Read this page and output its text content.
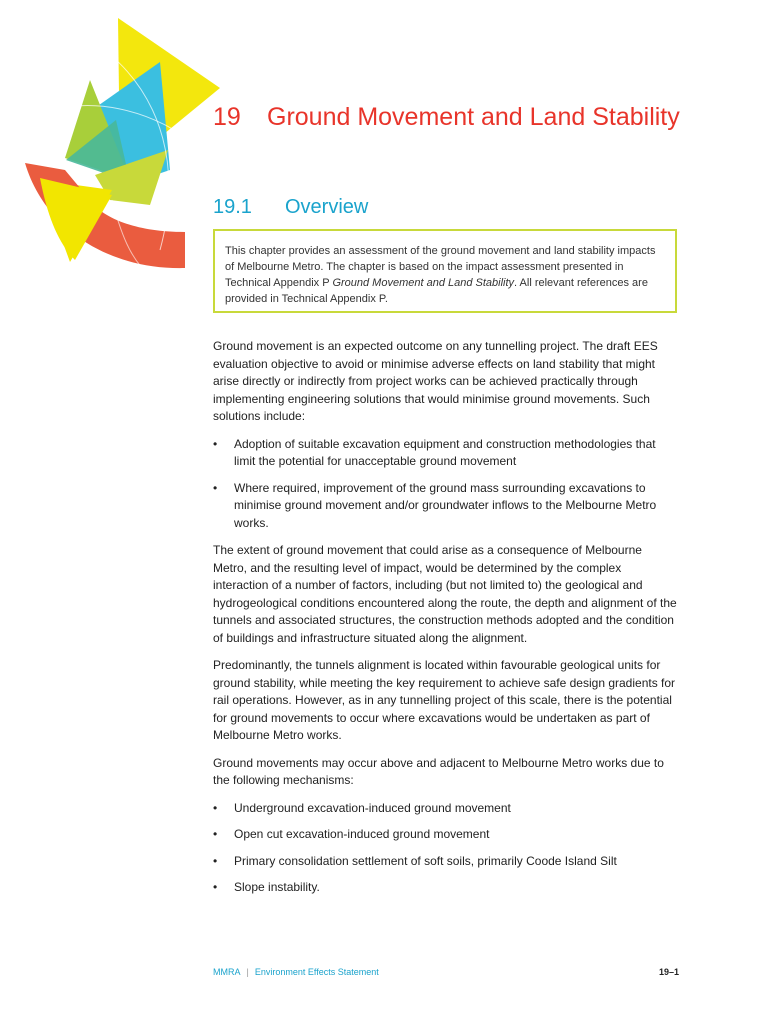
19	Ground Movement and Land Stability
19.1 Overview
This chapter provides an assessment of the ground movement and land stability impacts of Melbourne Metro. The chapter is based on the impact assessment presented in Technical Appendix P Ground Movement and Land Stability. All relevant references are provided in Technical Appendix P.

Ground movement is an expected outcome on any tunnelling project. The draft EES evaluation objective to avoid or minimise adverse effects on land stability that might arise directly or indirectly from project works can be achieved practically through implementing engineering solutions that would minimise ground movements. Such solutions include:

• Adoption of suitable excavation equipment and construction methodologies that limit the potential for unacceptable ground movement
• Where required, improvement of the ground mass surrounding excavations to minimise ground movement and/or groundwater inflows to the Melbourne Metro works.

The extent of ground movement that could arise as a consequence of Melbourne Metro, and the resulting level of impact, would be determined by the complex interaction of a number of factors, including (but not limited to) the geological and hydrogeological conditions encountered along the route, the depth and alignment of the tunnels and associated structures, the construction methods adopted and the condition of buildings and infrastructure situated along the alignment.

Predominantly, the tunnels alignment is located within favourable geological units for ground stability, while meeting the key requirement to achieve safe design gradients for rail operations. However, as in any tunnelling project of this scale, there is the potential for ground movements to occur where excavations would be undertaken as part of Melbourne Metro works.

Ground movements may occur above and adjacent to Melbourne Metro works due to the following mechanisms:

• Underground excavation-induced ground movement
• Open cut excavation-induced ground movement
• Primary consolidation settlement of soft soils, primarily Coode Island Silt
• Slope instability.
MMRA | Environment Effects Statement	19–1
